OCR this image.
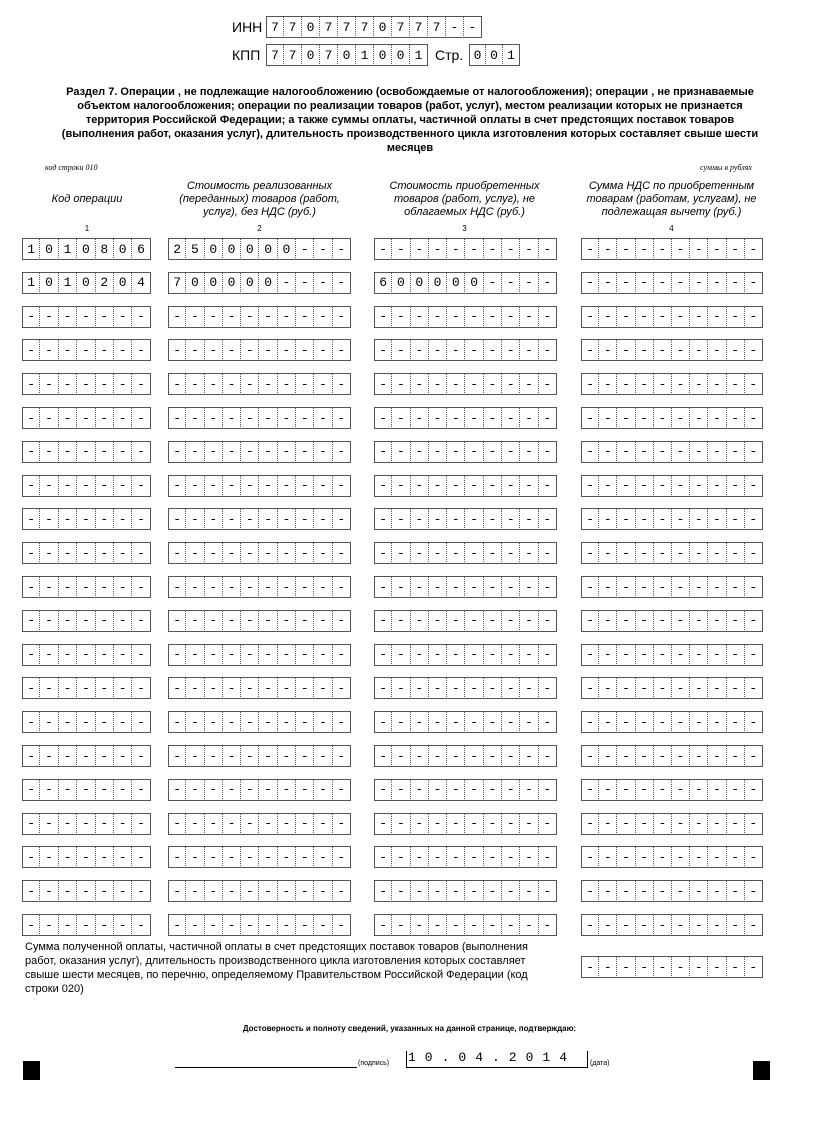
ИНН 7 7 0 7 7 7 0 7 7 7 - -
КПП 7 7 0 7 0 1 0 0 1 Стр. 0 0 1
Раздел 7. Операции , не подлежащие налогообложению (освобождаемые от налогообложения); операции , не признаваемые объектом налогообложения; операции по реализации товаров (работ, услуг), местом реализации которых не признается территория Российской Федерации; а также суммы оплаты, частичной оплаты в счет предстоящих поставок товаров (выполнения работ, оказания услуг), длительность производственного цикла изготовления которых составляет свыше шести месяцев
код строки 010	суммы в рублях
Код операции
Стоимость реализованных (переданных) товаров (работ, услуг), без НДС (руб.)
Стоимость приобретенных товаров (работ, услуг), не облагаемых НДС (руб.)
Сумма НДС по приобретенным товарам (работам, услугам), не подлежащая вычету (руб.)
1	2	3	4
1 0 1 0 8 0 6	2 5 0 0 0 0 0 - - -	- - - - - - - - - -	- - - - - - - - - -
1 0 1 0 2 0 4	7 0 0 0 0 0 - - - -	6 0 0 0 0 0 - - - -	- - - - - - - - - -
- - - - - - -	- - - - - - - - - -	- - - - - - - - - -	- - - - - - - - - -
- - - - - - -	- - - - - - - - - -	- - - - - - - - - -	- - - - - - - - - -
- - - - - - -	- - - - - - - - - -	- - - - - - - - - -	- - - - - - - - - -
- - - - - - -	- - - - - - - - - -	- - - - - - - - - -	- - - - - - - - - -
- - - - - - -	- - - - - - - - - -	- - - - - - - - - -	- - - - - - - - - -
- - - - - - -	- - - - - - - - - -	- - - - - - - - - -	- - - - - - - - - -
- - - - - - -	- - - - - - - - - -	- - - - - - - - - -	- - - - - - - - - -
- - - - - - -	- - - - - - - - - -	- - - - - - - - - -	- - - - - - - - - -
- - - - - - -	- - - - - - - - - -	- - - - - - - - - -	- - - - - - - - - -
- - - - - - -	- - - - - - - - - -	- - - - - - - - - -	- - - - - - - - - -
- - - - - - -	- - - - - - - - - -	- - - - - - - - - -	- - - - - - - - - -
- - - - - - -	- - - - - - - - - -	- - - - - - - - - -	- - - - - - - - - -
- - - - - - -	- - - - - - - - - -	- - - - - - - - - -	- - - - - - - - - -
- - - - - - -	- - - - - - - - - -	- - - - - - - - - -	- - - - - - - - - -
- - - - - - -	- - - - - - - - - -	- - - - - - - - - -	- - - - - - - - - -
- - - - - - -	- - - - - - - - - -	- - - - - - - - - -	- - - - - - - - - -
- - - - - - -	- - - - - - - - - -	- - - - - - - - - -	- - - - - - - - - -
- - - - - - -	- - - - - - - - - -	- - - - - - - - - -	- - - - - - - - - -
- - - - - - -	- - - - - - - - - -	- - - - - - - - - -	- - - - - - - - - -
Сумма полученной оплаты, частичной оплаты в счет предстоящих поставок товаров (выполнения работ, оказания услуг), длительность производственного цикла изготовления которых составляет свыше шести месяцев, по перечню, определяемому Правительством Российской Федерации (код строки 020)
- - - - - - - - - -
Достоверность и полноту сведений, указанных на данной странице, подтверждаю:
(подпись) 10.04.2014 (дата)
